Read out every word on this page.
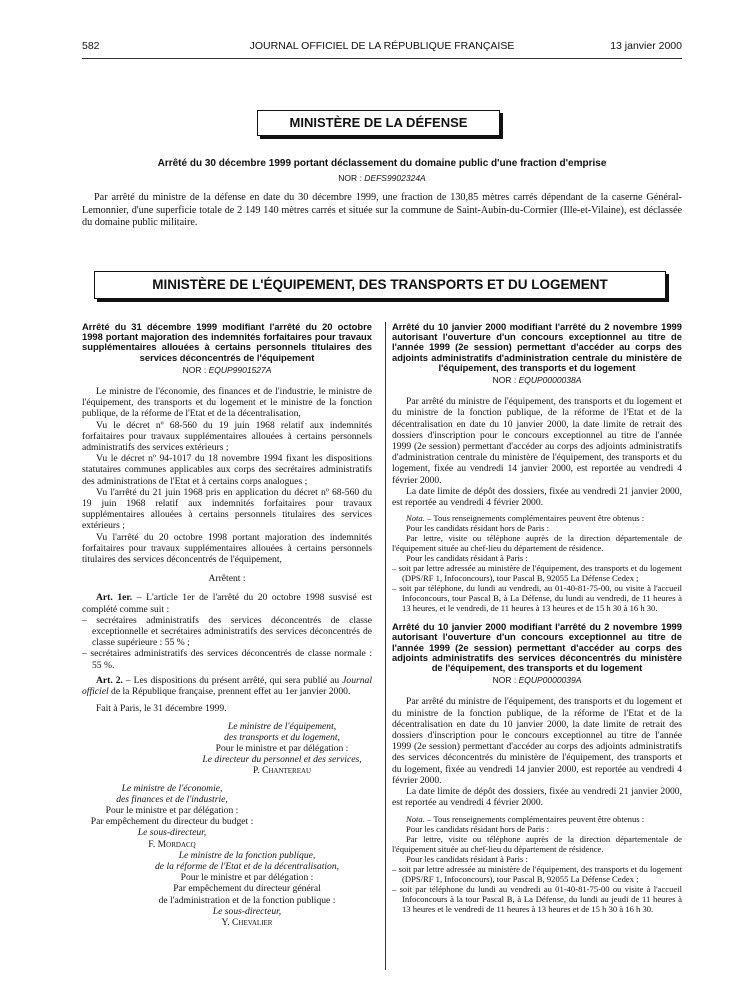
582	JOURNAL OFFICIEL DE LA RÉPUBLIQUE FRANÇAISE	13 janvier 2000
MINISTÈRE DE LA DÉFENSE
Arrêté du 30 décembre 1999 portant déclassement du domaine public d'une fraction d'emprise
NOR : DEFS9902324A
Par arrêté du ministre de la défense en date du 30 décembre 1999, une fraction de 130,85 mètres carrés dépendant de la caserne Général-Lemonnier, d'une superficie totale de 2 149 140 mètres carrés et située sur la commune de Saint-Aubin-du-Cormier (Ille-et-Vilaine), est déclassée du domaine public militaire.
MINISTÈRE DE L'ÉQUIPEMENT, DES TRANSPORTS ET DU LOGEMENT
Arrêté du 31 décembre 1999 modifiant l'arrêté du 20 octobre 1998 portant majoration des indemnités forfaitaires pour travaux supplémentaires allouées à certains personnels titulaires des services déconcentrés de l'équipement
NOR : EQUP9901527A

Le ministre de l'économie, des finances et de l'industrie, le ministre de l'équipement, des transports et du logement et le ministre de la fonction publique, de la réforme de l'Etat et de la décentralisation,

Vu le décret nº 68-560 du 19 juin 1968 relatif aux indemnités forfaitaires pour travaux supplémentaires allouées à certains personnels administratifs des services extérieurs ;

Vu le décret nº 94-1017 du 18 novembre 1994 fixant les dispositions statutaires communes applicables aux corps des secrétaires administratifs des administrations de l'Etat et à certains corps analogues ;

Vu l'arrêté du 21 juin 1968 pris en application du décret nº 68-560 du 19 juin 1968 relatif aux indemnités forfaitaires pour travaux supplémentaires allouées à certains personnels titulaires des services extérieurs ;

Vu l'arrêté du 20 octobre 1998 portant majoration des indemnités forfaitaires pour travaux supplémentaires allouées à certains personnels titulaires des services déconcentrés de l'équipement,

Arrêtent :

Art. 1er. – L'article 1er de l'arrêté du 20 octobre 1998 susvisé est complété comme suit :

– secrétaires administratifs des services déconcentrés de classe exceptionnelle et secrétaires administratifs des services déconcentrés de classe supérieure : 55 % ;
– secrétaires administratifs des services déconcentrés de classe normale : 55 %.

Art. 2. – Les dispositions du présent arrêté, qui sera publié au Journal officiel de la République française, prennent effet au 1er janvier 2000.

Fait à Paris, le 31 décembre 1999.

Le ministre de l'équipement,
des transports et du logement,
Pour le ministre et par délégation :
Le directeur du personnel et des services,
P. Chantereau
Le ministre de l'économie,
des finances et de l'industrie,
Pour le ministre et par délégation :
Par empêchement du directeur du budget :
Le sous-directeur,
F. Mordacq
Le ministre de la fonction publique,
de la réforme de l'Etat et de la décentralisation,
Pour le ministre et par délégation :
Par empêchement du directeur général
de l'administration et de la fonction publique :
Le sous-directeur,
Y. Chevalier
Arrêté du 10 janvier 2000 modifiant l'arrêté du 2 novembre 1999 autorisant l'ouverture d'un concours exceptionnel au titre de l'année 1999 (2e session) permettant d'accéder au corps des adjoints administratifs d'administration centrale du ministère de l'équipement, des transports et du logement
NOR : EQUP0000038A

Par arrêté du ministre de l'équipement, des transports et du logement et du ministre de la fonction publique, de la réforme de l'Etat et de la décentralisation en date du 10 janvier 2000, la date limite de retrait des dossiers d'inscription pour le concours exceptionnel au titre de l'année 1999 (2e session) permettant d'accéder au corps des adjoints administratifs d'administration centrale du ministère de l'équipement, des transports et du logement, fixée au vendredi 14 janvier 2000, est reportée au vendredi 4 février 2000.

La date limite de dépôt des dossiers, fixée au vendredi 21 janvier 2000, est reportée au vendredi 4 février 2000.

Nota. – Tous renseignements complémentaires peuvent être obtenus :

Pour les candidats résidant hors de Paris :

Par lettre, visite ou téléphone auprès de la direction départementale de l'équipement située au chef-lieu du département de résidence.

Pour les candidats résidant à Paris :

– soit par lettre adressée au ministère de l'équipement, des transports et du logement (DPS/RF 1, Infoconcours), tour Pascal B, 92055 La Défense Cedex ;
– soit par téléphone, du lundi au vendredi, au 01-40-81-75-00, ou visite à l'accueil Infoconcours, tour Pascal B, à La Défense, du lundi au vendredi, de 11 heures à 13 heures, et le vendredi, de 11 heures à 13 heures et de 15 h 30 à 16 h 30.
Arrêté du 10 janvier 2000 modifiant l'arrêté du 2 novembre 1999 autorisant l'ouverture d'un concours exceptionnel au titre de l'année 1999 (2e session) permettant d'accéder au corps des adjoints administratifs des services déconcentrés du ministère de l'équipement, des transports et du logement
NOR : EQUP0000039A

Par arrêté du ministre de l'équipement, des transports et du logement et du ministre de la fonction publique, de la réforme de l'Etat et de la décentralisation en date du 10 janvier 2000, la date limite de retrait des dossiers d'inscription pour le concours exceptionnel au titre de l'année 1999 (2e session) permettant d'accéder au corps des adjoints administratifs des services déconcentrés du ministère de l'équipement, des transports et du logement, fixée au vendredi 14 janvier 2000, est reportée au vendredi 4 février 2000.

La date limite de dépôt des dossiers, fixée au vendredi 21 janvier 2000, est reportée au vendredi 4 février 2000.

Nota. – Tous renseignements complémentaires peuvent être obtenus :

Pour les candidats résidant hors de Paris :

Par lettre, visite ou téléphone auprès de la direction départementale de l'équipement située au chef-lieu du département de résidence.

Pour les candidats résidant à Paris :

– soit par lettre adressée au ministère de l'équipement, des transports et du logement (DPS/RF 1, Infoconcours), tour Pascal B, 92055 La Défense Cedex ;
– soit par téléphone du lundi au vendredi au 01-40-81-75-00 ou visite à l'accueil Infoconcours à la tour Pascal B, à La Défense, du lundi au jeudi de 11 heures à 13 heures et le vendredi de 11 heures à 13 heures et de 15 h 30 à 16 h 30.
